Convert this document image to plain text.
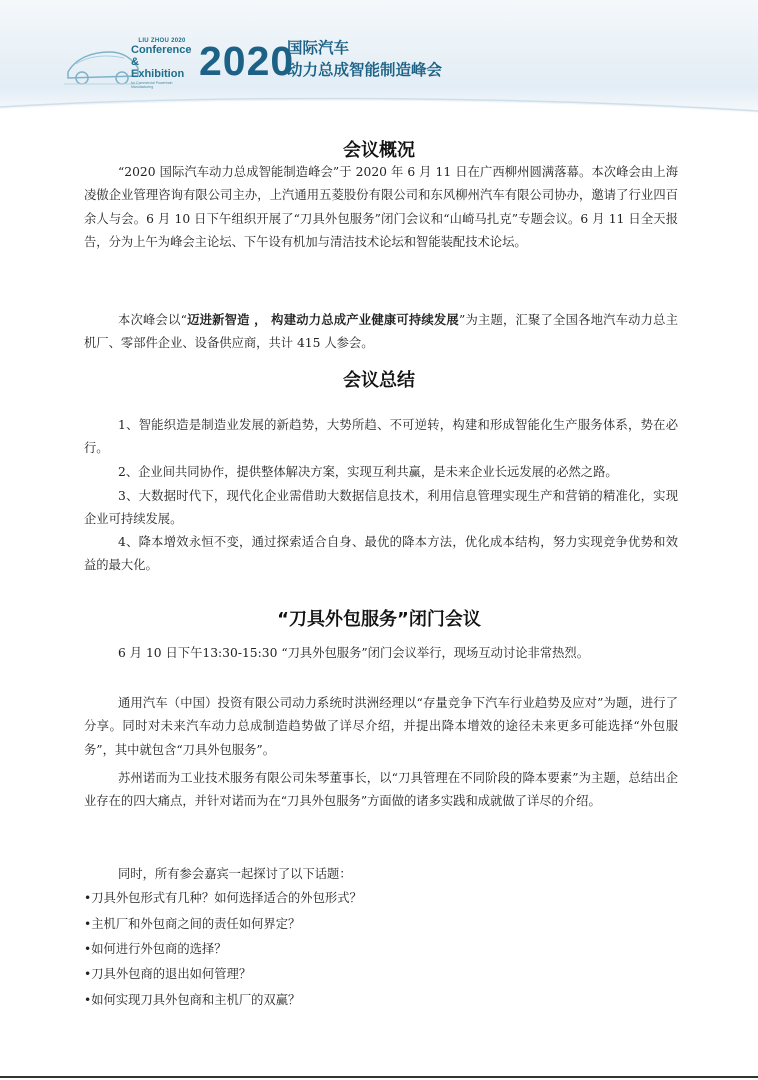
LIU ZHOU 2020
Conference
& Exhibition
for Commercial Powertrain Manufacturing
2020
国际汽车
动力总成智能制造峰会
会议概况
“2020 国际汽车动力总成智能制造峰会”于 2020 年 6 月 11 日在广西柳州圆满落幕。本次峰会由上海凌傲企业管理咨询有限公司主办，上汽通用五菱股份有限公司和东风柳州汽车有限公司协办，邀请了行业四百余人与会。6 月 10 日下午组织开展了“刀具外包服务”闭门会议和“山崎马扎克”专题会议。6 月 11 日全天报告，分为上午为峰会主论坛、下午设有机加与清洁技术论坛和智能装配技术论坛。
本次峰会以“迈进新智造 ， 构建动力总成产业健康可持续发展”为主题，汇聚了全国各地汽车动力总主机厂、零部件企业、设备供应商，共计 415 人参会。
会议总结
1、智能织造是制造业发展的新趋势，大势所趋、不可逆转，构建和形成智能化生产服务体系，势在必行。
2、企业间共同协作，提供整体解决方案，实现互利共赢，是未来企业长远发展的必然之路。
3、大数据时代下，现代化企业需借助大数据信息技术，利用信息管理实现生产和营销的精准化，实现企业可持续发展。
4、降本增效永恒不变，通过探索适合自身、最优的降本方法，优化成本结构，努力实现竞争优势和效益的最大化。
“刀具外包服务”闭门会议
6 月 10 日下午13:30-15:30 “刀具外包服务”闭门会议举行，现场互动讨论非常热烈。
通用汽车（中国）投资有限公司动力系统时洪洲经理以“存量竞争下汽车行业趋势及应对”为题，进行了分享。同时对未来汽车动力总成制造趋势做了详尽介绍，并提出降本增效的途径未来更多可能选择“外包服务”，其中就包含“刀具外包服务”。
苏州诺而为工业技术服务有限公司朱琴董事长，以“刀具管理在不同阶段的降本要素”为主题，总结出企业存在的四大痛点，并针对诺而为在“刀具外包服务”方面做的诸多实践和成就做了详尽的介绍。
同时，所有参会嘉宾一起探讨了以下话题：
•刀具外包形式有几种？如何选择适合的外包形式？
•主机厂和外包商之间的责任如何界定？
•如何进行外包商的选择？
•刀具外包商的退出如何管理？
•如何实现刀具外包商和主机厂的双赢？
